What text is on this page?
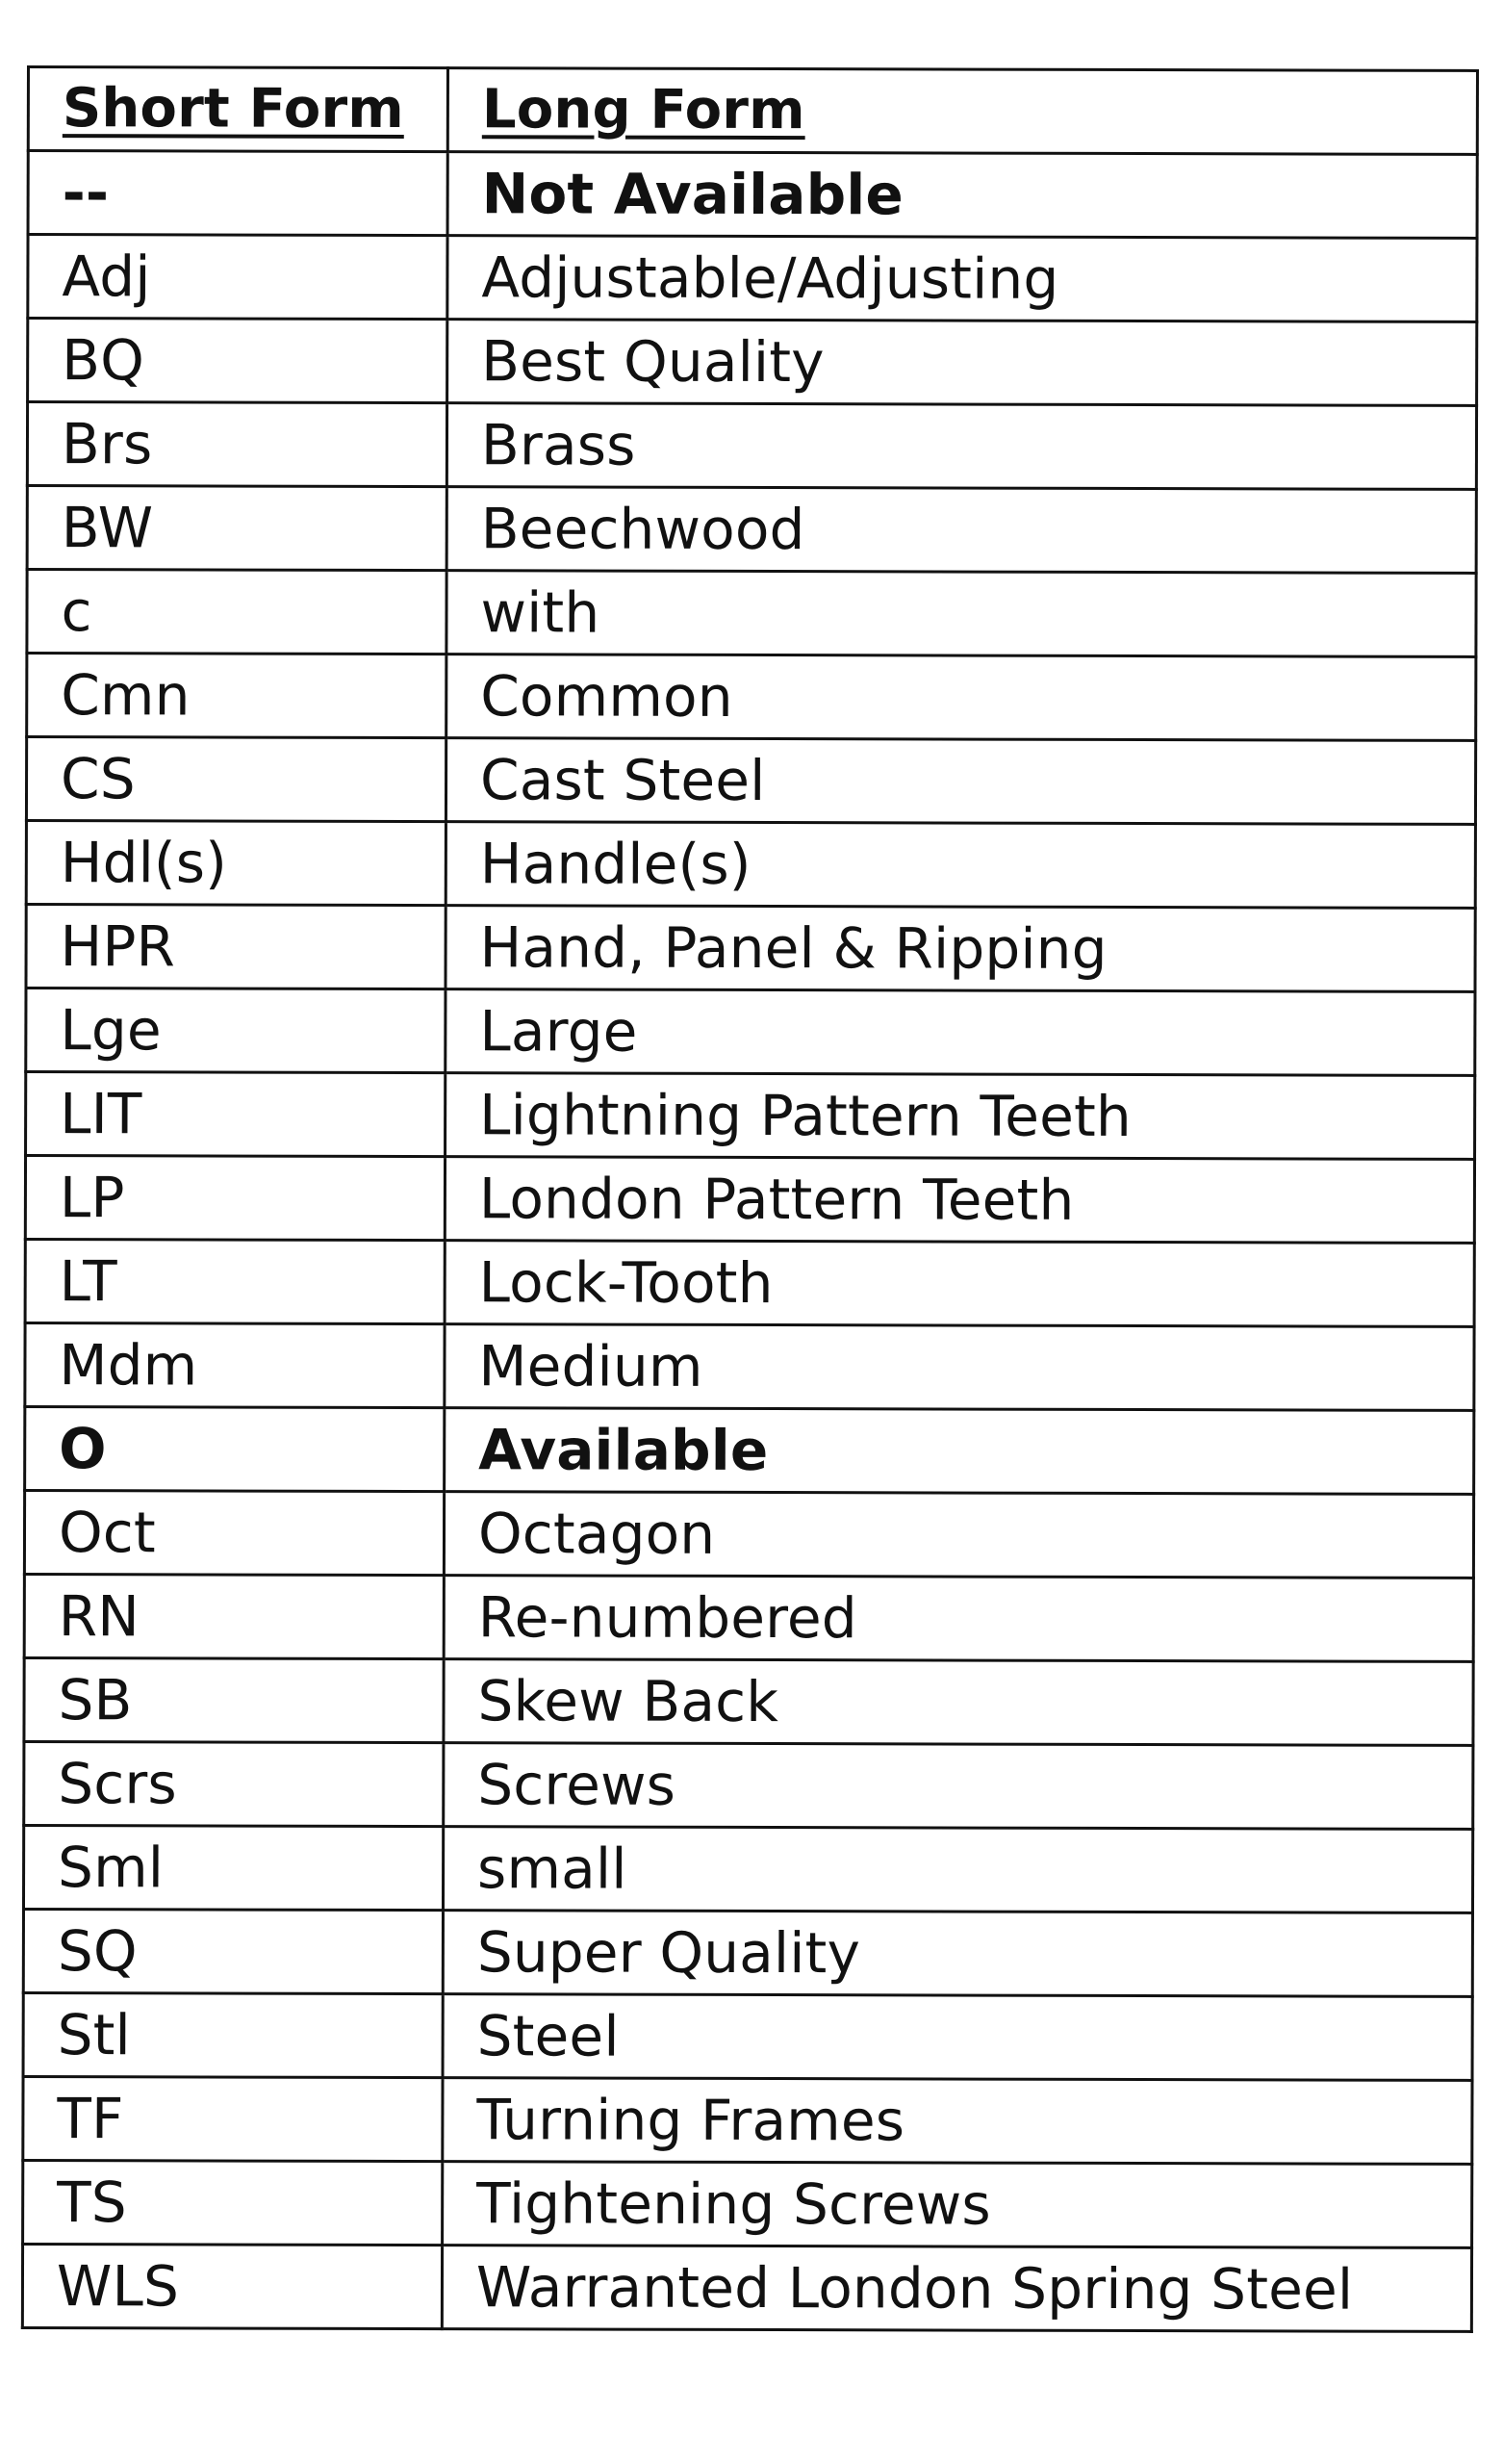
Short Form	Long Form
--	Not Available
Adj	Adjustable/Adjusting
BQ	Best Quality
Brs	Brass
BW	Beechwood
c	with
Cmn	Common
CS	Cast Steel
Hdl(s)	Handle(s)
HPR	Hand, Panel & Ripping
Lge	Large
LIT	Lightning Pattern Teeth
LP	London Pattern Teeth
LT	Lock-Tooth
Mdm	Medium
O	Available
Oct	Octagon
RN	Re-numbered
SB	Skew Back
Scrs	Screws
Sml	small
SQ	Super Quality
Stl	Steel
TF	Turning Frames
TS	Tightening Screws
WLS	Warranted London Spring Steel
